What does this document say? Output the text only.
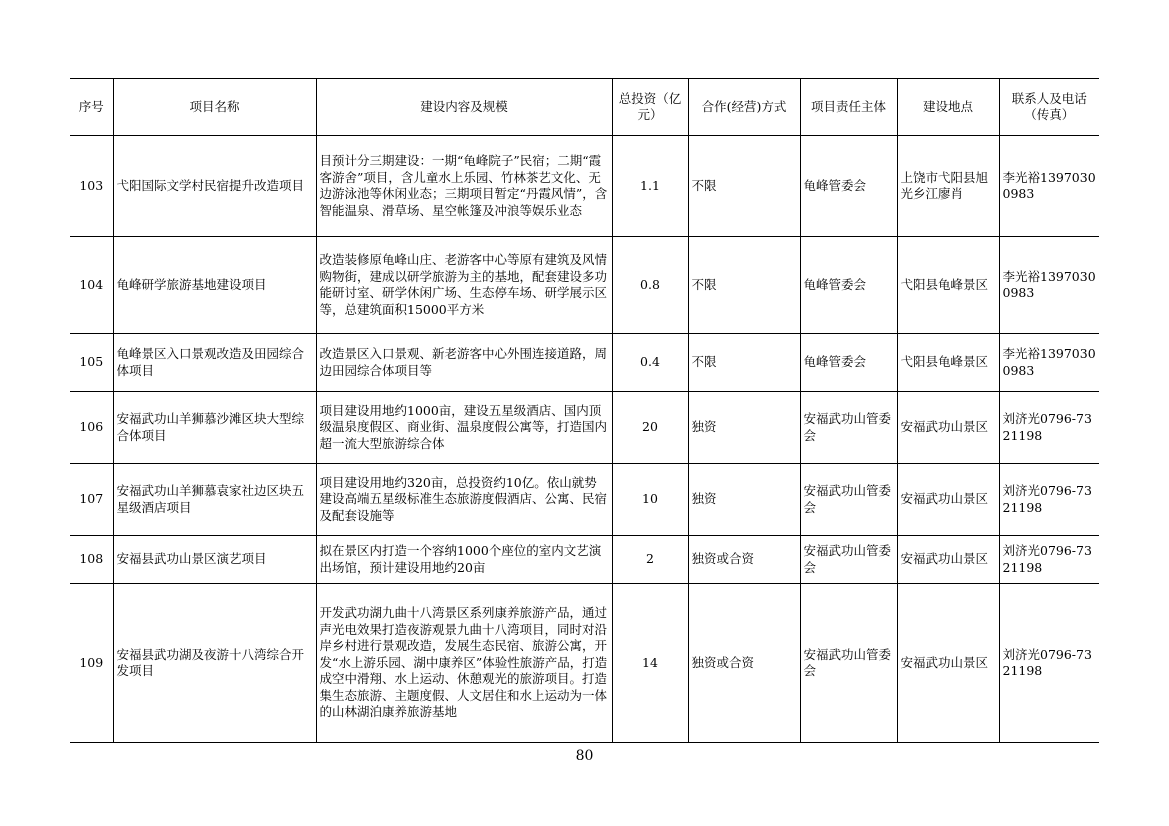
序号	项目名称	建设内容及规模	总投资（亿元）	合作(经营)方式	项目责任主体	建设地点	联系人及电话（传真）
103	弋阳国际文学村民宿提升改造项目	目预计分三期建设：一期“龟峰院子”民宿；二期“霞客游舍”项目，含儿童水上乐园、竹林茶艺文化、无边游泳池等休闲业态；三期项目暂定“丹霞风情”，含智能温泉、滑草场、星空帐篷及冲浪等娱乐业态	1.1	不限	龟峰管委会	上饶市弋阳县旭光乡江廖肖	李光裕13970300983
104	龟峰研学旅游基地建设项目	改造装修原龟峰山庄、老游客中心等原有建筑及风情购物街，建成以研学旅游为主的基地，配套建设多功能研讨室、研学休闲广场、生态停车场、研学展示区等，总建筑面积15000平方米	0.8	不限	龟峰管委会	弋阳县龟峰景区	李光裕13970300983
105	龟峰景区入口景观改造及田园综合体项目	改造景区入口景观、新老游客中心外围连接道路，周边田园综合体项目等	0.4	不限	龟峰管委会	弋阳县龟峰景区	李光裕13970300983
106	安福武功山羊狮慕沙滩区块大型综合体项目	项目建设用地约1000亩，建设五星级酒店、国内顶级温泉度假区、商业街、温泉度假公寓等，打造国内超一流大型旅游综合体	20	独资	安福武功山管委会	安福武功山景区	刘济光0796-7321198
107	安福武功山羊狮慕袁家社边区块五星级酒店项目	项目建设用地约320亩，总投资约10亿。依山就势建设高端五星级标准生态旅游度假酒店、公寓、民宿及配套设施等	10	独资	安福武功山管委会	安福武功山景区	刘济光0796-7321198
108	安福县武功山景区演艺项目	拟在景区内打造一个容纳1000个座位的室内文艺演出场馆，预计建设用地约20亩	2	独资或合资	安福武功山管委会	安福武功山景区	刘济光0796-7321198
109	安福县武功湖及夜游十八湾综合开发项目	开发武功湖九曲十八湾景区系列康养旅游产品，通过声光电效果打造夜游观景九曲十八湾项目，同时对沿岸乡村进行景观改造，发展生态民宿、旅游公寓，开发“水上游乐园、湖中康养区”体验性旅游产品，打造成空中滑翔、水上运动、休憩观光的旅游项目。打造集生态旅游、主题度假、人文居住和水上运动为一体的山林湖泊康养旅游基地	14	独资或合资	安福武功山管委会	安福武功山景区	刘济光0796-7321198
80
